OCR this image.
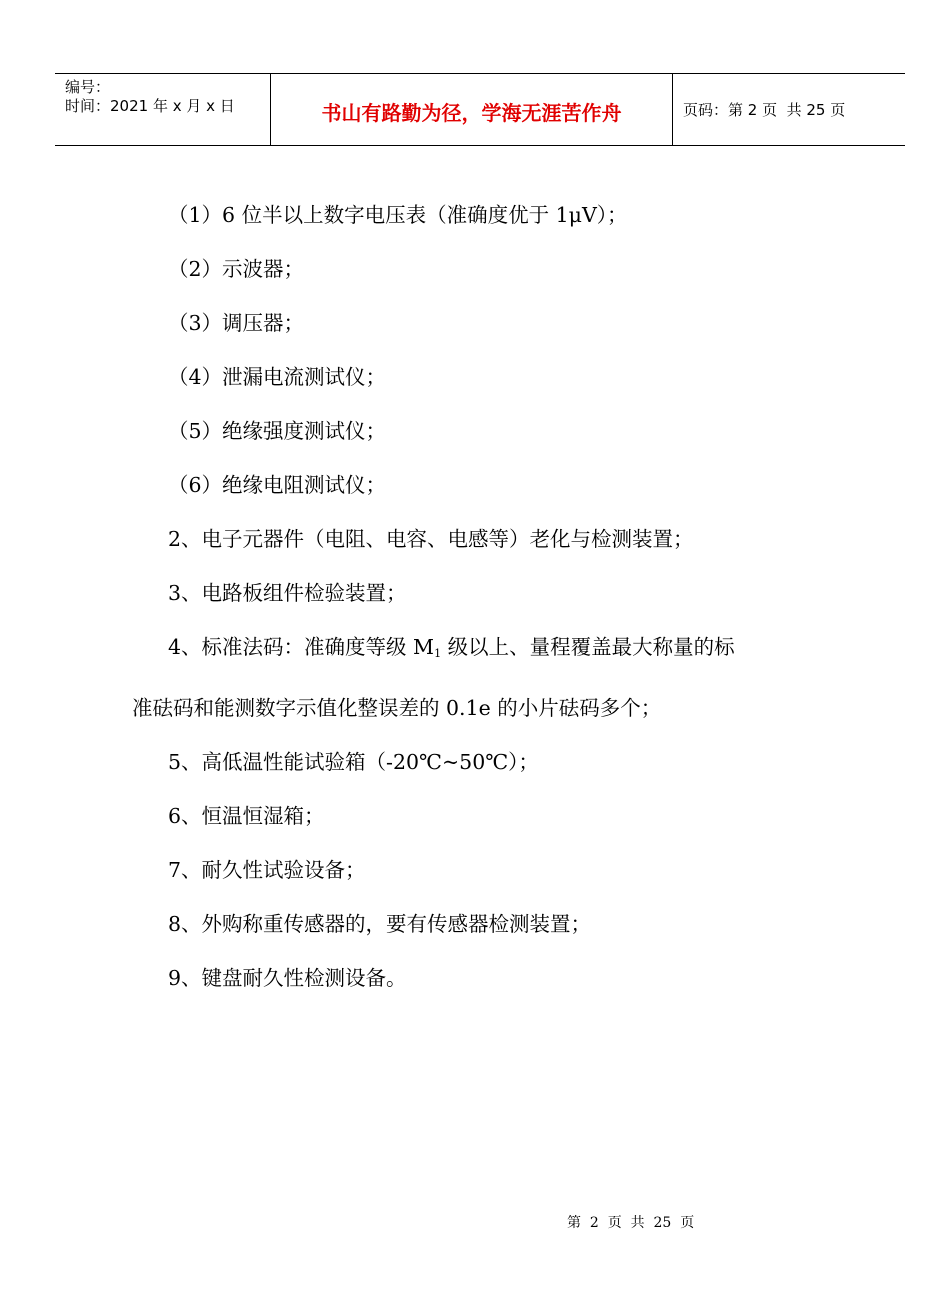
编号：
时间：2021 年 x 月 x 日	书山有路勤为径，学海无涯苦作舟	页码：第 2 页  共 25 页

（1）6 位半以上数字电压表（准确度优于 1μV）；

（2）示波器；

（3）调压器；

（4）泄漏电流测试仪；

（5）绝缘强度测试仪；

（6）绝缘电阻测试仪；

2、电子元器件（电阻、电容、电感等）老化与检测装置；

3、电路板组件检验装置；

4、标准法码：准确度等级 $M_1$ 级以上、量程覆盖最大称量的标

准砝码和能测数字示值化整误差的 0.1e 的小片砝码多个；

5、高低温性能试验箱（-20℃~50℃）；

6、恒温恒湿箱；

7、耐久性试验设备；

8、外购称重传感器的，要有传感器检测装置；

9、键盘耐久性检测设备。

第  2  页  共  25  页
